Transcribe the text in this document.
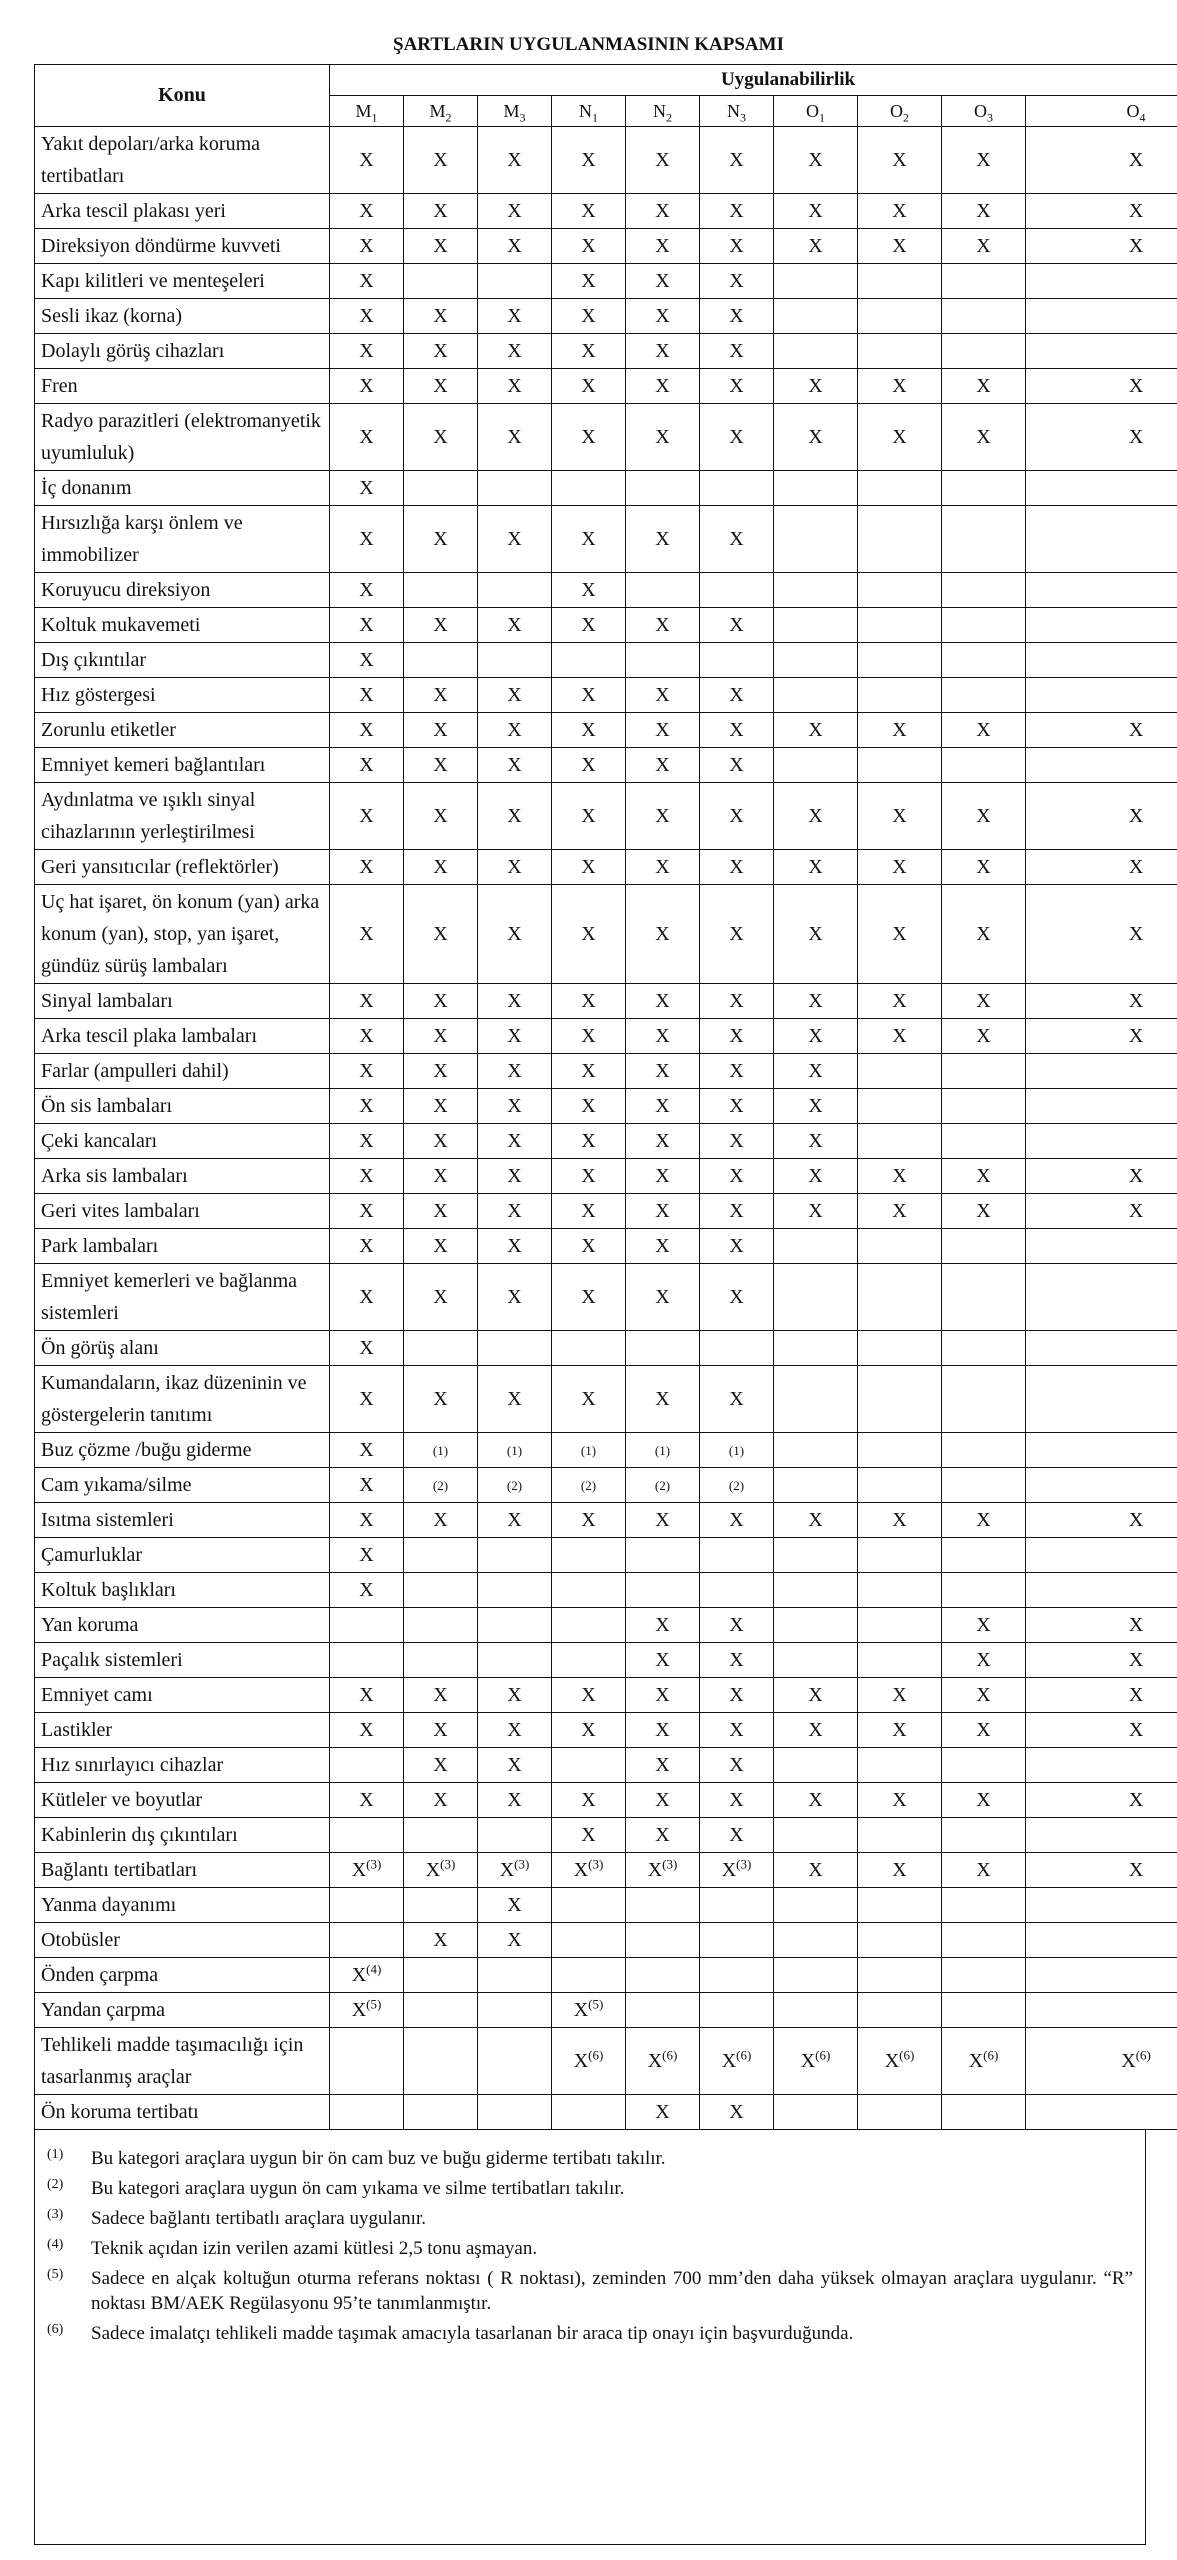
ŞARTLARIN UYGULANMASININ KAPSAMI
Konu	Uygulanabilirlik									
	$M_1$	$M_2$	$M_3$	$N_1$	$N_2$	$N_3$	$O_1$	$O_2$	$O_3$	$O_4$
Yakıt depoları/arka koruma tertibatları	X	X	X	X	X	X	X	X	X	X
Arka tescil plakası yeri	X	X	X	X	X	X	X	X	X	X
Direksiyon döndürme kuvveti	X	X	X	X	X	X	X	X	X	X
Kapı kilitleri ve menteşeleri	X			X	X	X				
Sesli ikaz (korna)	X	X	X	X	X	X				
Dolaylı görüş cihazları	X	X	X	X	X	X				
Fren	X	X	X	X	X	X	X	X	X	X
Radyo parazitleri (elektromanyetik uyumluluk)	X	X	X	X	X	X	X	X	X	X
İç donanım	X									
Hırsızlığa karşı önlem ve immobilizer	X	X	X	X	X	X				
Koruyucu direksiyon	X			X						
Koltuk mukavemeti	X	X	X	X	X	X				
Dış çıkıntılar	X									
Hız göstergesi	X	X	X	X	X	X				
Zorunlu etiketler	X	X	X	X	X	X	X	X	X	X
Emniyet kemeri bağlantıları	X	X	X	X	X	X				
Aydınlatma ve ışıklı sinyal cihazlarının yerleştirilmesi	X	X	X	X	X	X	X	X	X	X
Geri yansıtıcılar (reflektörler)	X	X	X	X	X	X	X	X	X	X
Uç hat işaret, ön konum (yan) arka konum (yan), stop, yan işaret, gündüz sürüş lambaları	X	X	X	X	X	X	X	X	X	X
Sinyal lambaları	X	X	X	X	X	X	X	X	X	X
Arka tescil plaka lambaları	X	X	X	X	X	X	X	X	X	X
Farlar (ampulleri dahil)	X	X	X	X	X	X	X			
Ön sis lambaları	X	X	X	X	X	X	X			
Çeki kancaları	X	X	X	X	X	X	X			
Arka sis lambaları	X	X	X	X	X	X	X	X	X	X
Geri vites lambaları	X	X	X	X	X	X	X	X	X	X
Park lambaları	X	X	X	X	X	X				
Emniyet kemerleri ve bağlanma sistemleri	X	X	X	X	X	X				
Ön görüş alanı	X									
Kumandaların, ikaz düzeninin ve göstergelerin tanıtımı	X	X	X	X	X	X				
Buz çözme /buğu giderme	X	(1)	(1)	(1)	(1)	(1)				
Cam yıkama/silme	X	(2)	(2)	(2)	(2)	(2)				
Isıtma sistemleri	X	X	X	X	X	X	X	X	X	X
Çamurluklar	X									
Koltuk başlıkları	X									
Yan koruma					X	X			X	X
Paçalık sistemleri					X	X			X	X
Emniyet camı	X	X	X	X	X	X	X	X	X	X
Lastikler	X	X	X	X	X	X	X	X	X	X
Hız sınırlayıcı cihazlar		X	X		X	X				
Kütleler ve boyutlar	X	X	X	X	X	X	X	X	X	X
Kabinlerin dış çıkıntıları				X	X	X				
Bağlantı tertibatları	$X^{(3)}$	$X^{(3)}$	$X^{(3)}$	$X^{(3)}$	$X^{(3)}$	$X^{(3)}$	X	X	X	X
Yanma dayanımı			X							
Otobüsler		X	X							
Önden çarpma	$X^{(4)}$									
Yandan çarpma	$X^{(5)}$			$X^{(5)}$						
Tehlikeli madde taşımacılığı için tasarlanmış araçlar				$X^{(6)}$	$X^{(6)}$	$X^{(6)}$	$X^{(6)}$	$X^{(6)}$	$X^{(6)}$	$X^{(6)}$
Ön koruma tertibatı					X	X				
(1)	Bu kategori araçlara uygun bir ön cam buz ve buğu giderme tertibatı takılır.
(2)	Bu kategori araçlara uygun ön cam yıkama ve silme tertibatları takılır.
(3)	Sadece bağlantı tertibatlı araçlara uygulanır.
(4)	Teknik açıdan izin verilen azami kütlesi 2,5 tonu aşmayan.
(5)	Sadece en alçak koltuğun oturma referans noktası ( R noktası), zeminden 700 mm’den daha yüksek olmayan araçlara uygulanır. “R” noktası BM/AEK Regülasyonu 95’te tanımlanmıştır.
(6)	Sadece imalatçı tehlikeli madde taşımak amacıyla tasarlanan bir araca tip onayı için başvurduğunda.
